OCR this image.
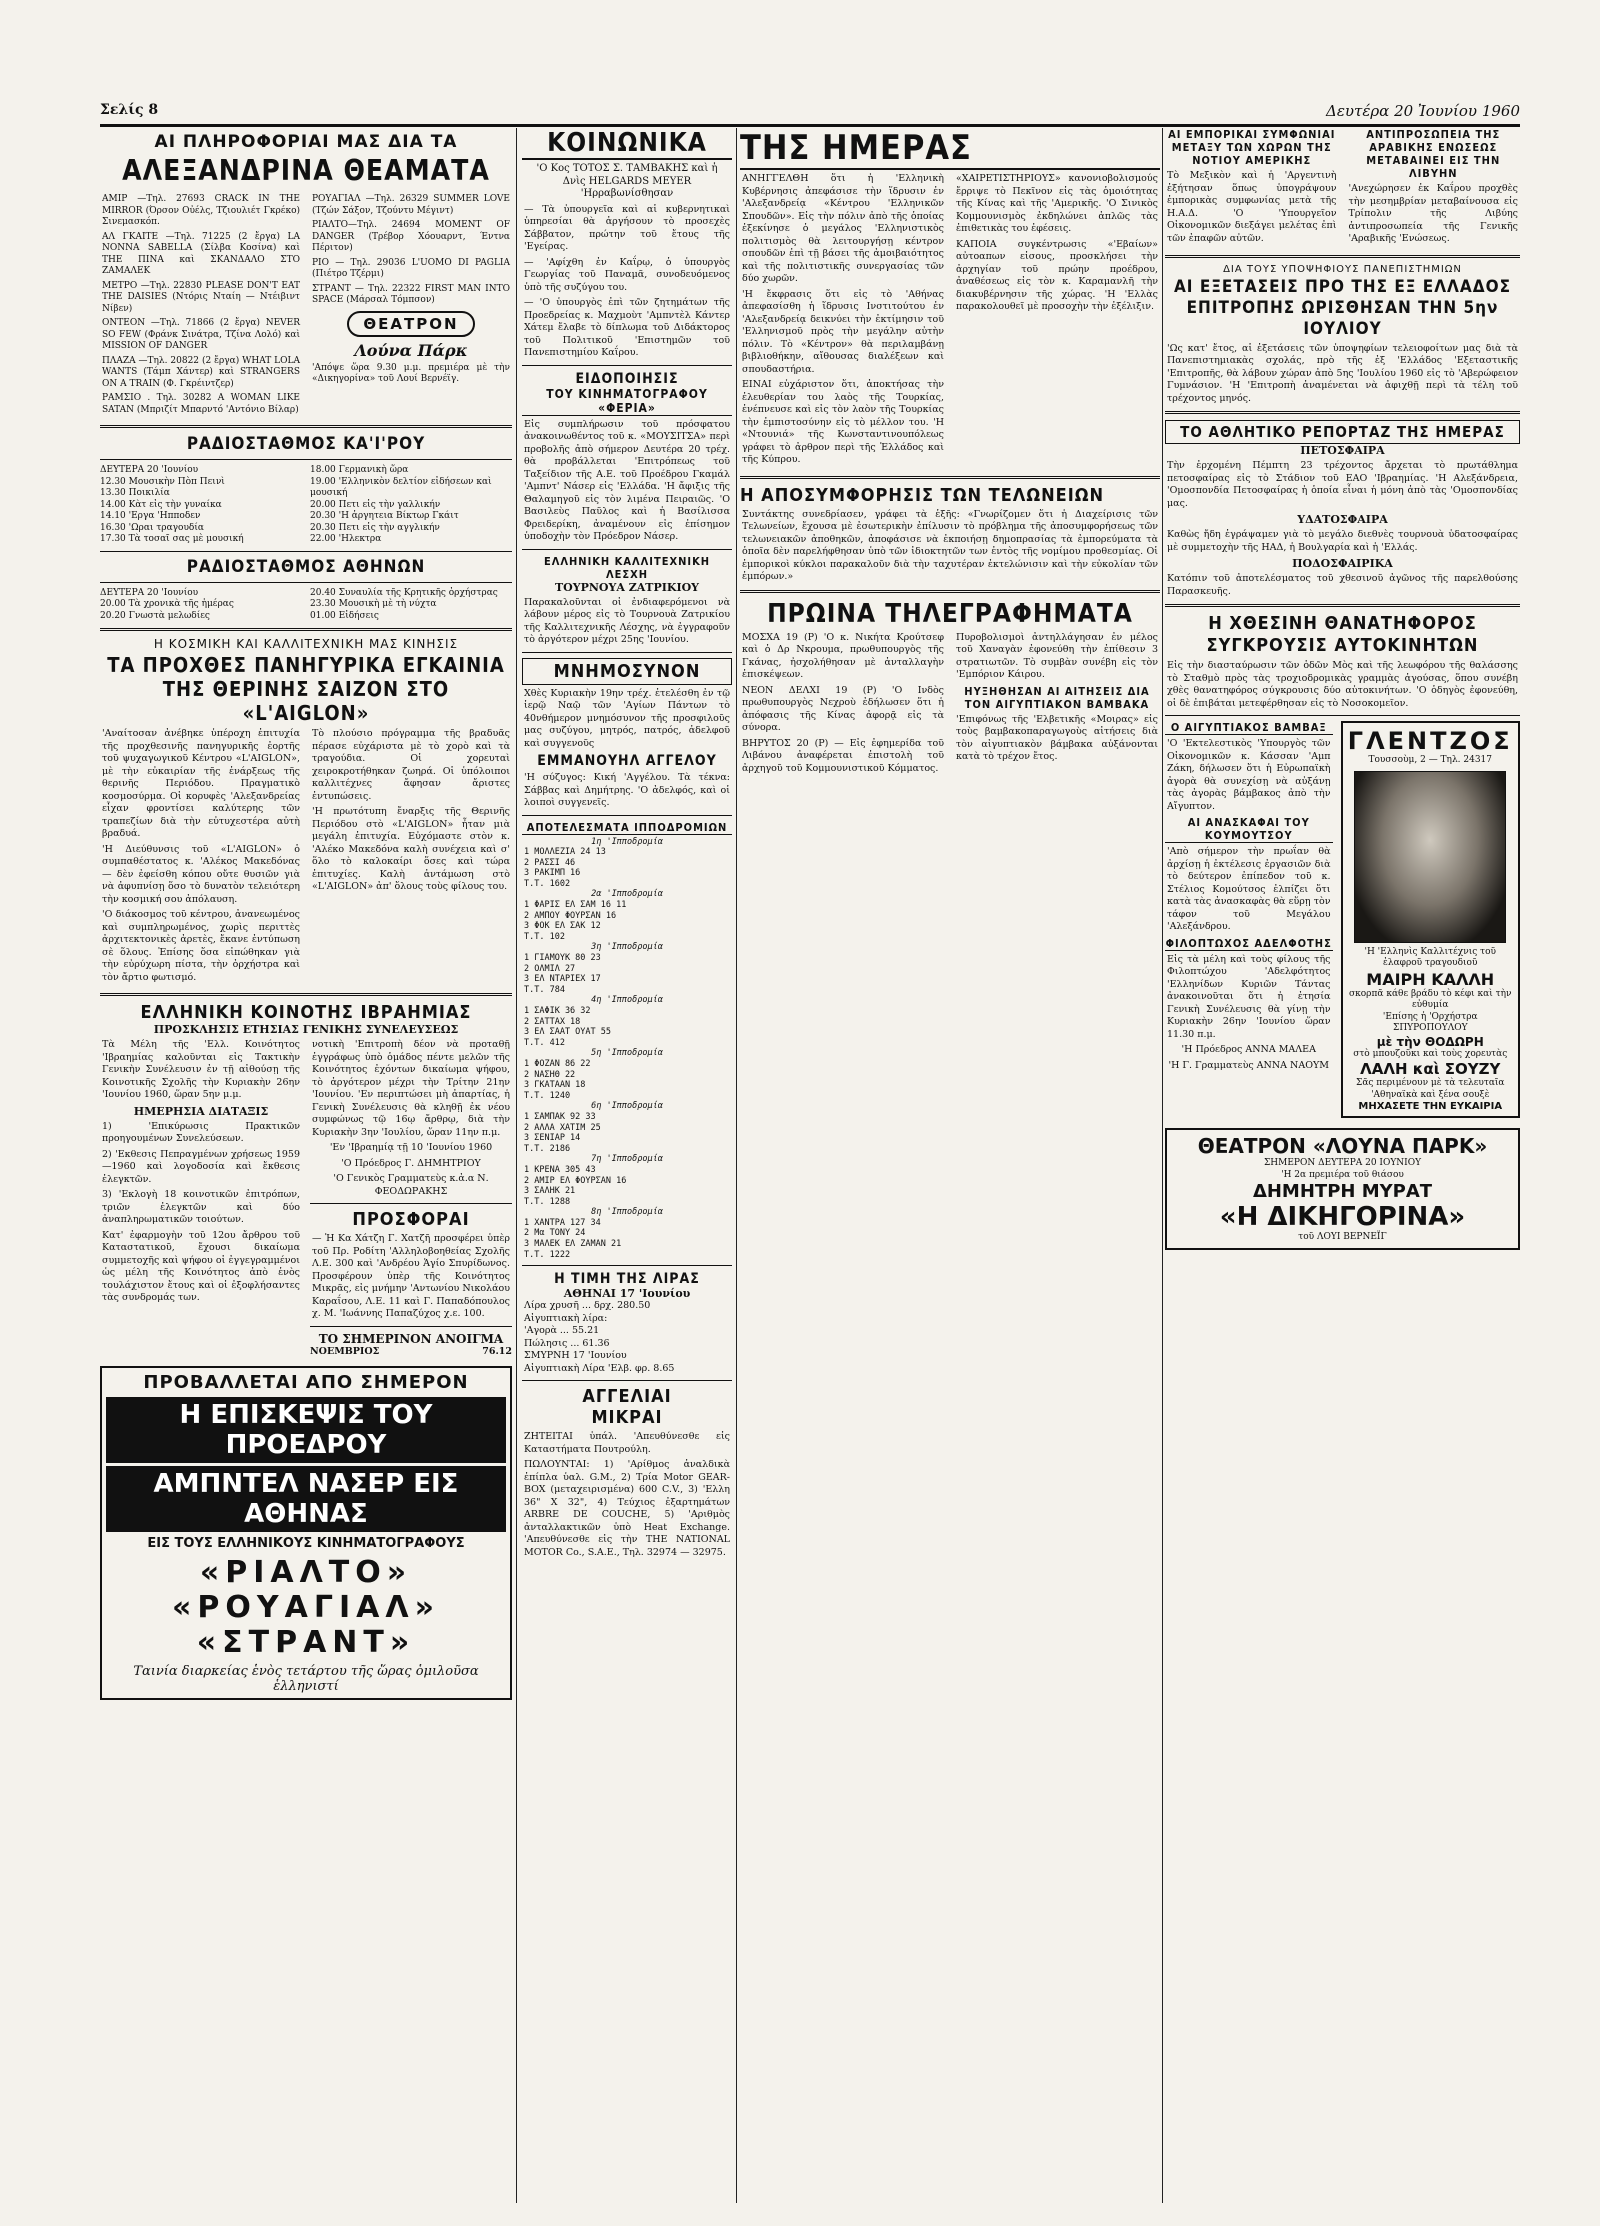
Σελίς 8	Δευτέρα 20 Ἰουνίου 1960
ΑΙ ΠΛΗΡΟΦΟΡΙΑΙ ΜΑΣ ΔΙΑ ΤΑ
ΑΛΕΞΑΝΔΡΙΝΑ ΘΕΑΜΑΤΑ
ΑΜΙΡ —Τηλ. 27693 CRACK IN THE MIRROR (Όρσον Οὐέλς, Τζιουλιέτ Γκρέκο) Σινεμασκόπ.
ΑΛ ΓΚΑΙΤΕ —Τηλ. 71225 (2 ἔργα) LA NONNA SABELLA (Σίλβα Κοσίνα) καὶ THE ΠΙΝΑ καὶ ΣΚΑΝΔΑΛΟ ΣΤΟ ΖΑΜΑΛΕΚ
ΜΕΤΡΟ —Τηλ. 22830 PLEASE DON'T EAT THE DAISIES (Ντόρις Νταίη — Ντέιβιντ Νίβεν)
ΟΝΤΕΟΝ —Τηλ. 71866 (2 ἔργα) NEVER SO FEW (Φράνκ Σινάτρα, Τζίνα Λολό) καὶ MISSION OF DANGER
ΠΛΑΖΑ —Τηλ. 20822 (2 ἔργα) WHAT LOLA WANTS (Τάμπ Χάντερ) καὶ STRANGERS ON A TRAIN (Φ. Γκρέιντζερ)
ΡΑΜΣΙΟ . Τηλ. 30282 A WOMAN LIKE SATAN (Μπριζίτ Μπαρντό 'Αντόνιο Βίλαρ)
ΡΟΥΑΓΙΑΛ —Τηλ. 26329 SUMMER LOVE (Τζών Σάξον, Τζούντυ Μέγιντ)
ΡΙΑΛΤΟ—Τηλ. 24694 MOMENT OF DANGER (Τρέβορ Χόουαρντ, Έντνα Πέριτον)
ΡΙΟ — Τηλ. 29036 L'UOMO DI PAGLIA (Πιέτρο Τζέρμι)
ΣΤΡΑΝΤ — Τηλ. 22322 FIRST MAN INTO SPACE (Μάρσαλ Τόμπσον)
ΘΕΑΤΡΟΝ
Λούνα Πάρκ
'Απόψε ὥρα 9.30 μ.μ. πρεμιέρα μὲ τὴν «Δικηγορίνα» τοῦ Λουί Βερνέϊγ.
ΡΑΔΙΟΣΤΑΘΜΟΣ ΚΑ'Ι'ΡΟΥ
ΔΕΥΤΕΡΑ 20 'Ιουνίου
12.30 Μουσικὴν Πὸπ Πεινὶ
13.30 Ποικιλία
14.00 Κὰτ εἰς τὴν γυναίκα
14.10 'Εργα 'Ηπποδεν
16.30 'Ωραι τραγουδία
17.30 Τὰ τοσαῖ σας μὲ μουσική
18.00 Γερμανικὴ ὥρα
19.00 'Ελληνικὸν δελτίον εἰδήσεων καὶ μουσική
20.00 Πετι εἰς τὴν γαλλικήν
20.30 'Η ἀργητεια Βίκτωρ Γκάιτ
20.30 Πετι εἰς τὴν αγγλικήν
22.00 'Ηλεκτρα
ΡΑΔΙΟΣΤΑΘΜΟΣ ΑΘΗΝΩΝ
ΔΕΥΤΕΡΑ 20 'Ιουνίου
20.00 Τὰ χρονικὰ τῆς ἡμέρας
20.20 Γνωστὰ μελωδίες
20.40 Συναυλία τῆς Κρητικῆς ὀρχήστρας
23.30 Μουσικὴ μὲ τὴ νύχτα
01.00 Εἰδήσεις
Η ΚΟΣΜΙΚΗ ΚΑΙ ΚΑΛΛΙΤΕΧΝΙΚΗ ΜΑΣ ΚΙΝΗΣΙΣ
ΤΑ ΠΡΟΧΘΕΣ ΠΑΝΗΓΥΡΙΚΑ ΕΓΚΑΙΝΙΑ ΤΗΣ ΘΕΡΙΝΗΣ ΣΑΙΖΟΝ ΣΤΟ «L'AIGLON»
'Αναίτοσαν ἀνέβηκε ὑπέροχη ἐπιτυχία τῆς προχθεσινῆς πανηγυρικῆς ἐορτῆς τοῦ ψυχαγωγικοῦ Κέντρου «L'AIGLON», μὲ τὴν εὐκαιρίαν τῆς ἐνάρξεως τῆς θερινῆς Περιόδου. Πραγματικὸ κοσμοσύρμα. Οἱ κορυφὲς 'Αλεξανδρείας εἶχαν φροντίσει καλύτερης τῶν τραπεζίων διὰ τὴν εὐτυχεστέρα αὐτὴ βραδυά.
'Η Διεύθυνσις τοῦ «L'AIGLON» ὁ συμπαθέστατος κ. 'Αλέκος Μακεδόνας — δὲν ἐφείσθη κόπου οὔτε θυσιῶν γιὰ νὰ ἀφυπνίσῃ ὅσο τὸ δυνατὸν τελειότερη τὴν κοσμική σου ἀπόλαυση.
'Ο διάκοσμος τοῦ κέντρου, ἀνανεωμένος καὶ συμπληρωμένος, χωρὶς περιττὲς ἀρχιτεκτονικὲς ἀρετὲς, ἔκανε ἐντύπωση σὲ ὅλους. Ἐπίσης ὅσα εἰπώθηκαν γιὰ τὴν εὐρύχωρη πίστα, τὴν ὀρχήστρα καὶ τὸν ἄρτιο φωτισμό.
Τὸ πλούσιο πρόγραμμα τῆς βραδυᾶς πέρασε εὐχάριστα μὲ τὸ χορὸ καὶ τὰ τραγούδια. Οἱ χορευταὶ χειροκροτήθηκαν ζωηρά. Οἱ ὑπόλοιποι καλλιτέχνες ἄφησαν ἄριστες ἐντυπώσεις.
'Η πρωτότυπη ἔναρξις τῆς Θερινῆς Περιόδου στὸ «L'AIGLON» ἦταν μιὰ μεγάλη ἐπιτυχία. Εὐχόμαστε στὸν κ. 'Αλέκο Μακεδόνα καλὴ συνέχεια καὶ σ' ὅλο τὸ καλοκαίρι ὅσες καὶ τώρα ἐπιτυχίες. Καλὴ ἀντάμωση στὸ «L'AIGLON» ἀπ' ὅλους τοὺς φίλους του.
ΕΛΛΗΝΙΚΗ ΚΟΙΝΟΤΗΣ ΙΒΡΑΗΜΙΑΣ
ΠΡΟΣΚΛΗΣΙΣ ΕΤΗΣΙΑΣ ΓΕΝΙΚΗΣ ΣΥΝΕΛΕΥΣΕΩΣ
Τὰ Μέλη τῆς 'Ελλ. Κοινότητος 'Ιβραημίας καλοῦνται εἰς Τακτικὴν Γενικὴν Συνέλευσιν ἐν τῇ αἰθούσῃ τῆς Κοινοτικῆς Σχολῆς τὴν Κυριακὴν 26ην 'Ιουνίου 1960, ὥραν 5ην μ.μ.
ΗΜΕΡΗΣΙΑ ΔΙΑΤΑΞΙΣ
1) 'Επικύρωσις Πρακτικῶν προηγουμένων Συνελεύσεων.
2) 'Εκθεσις Πεπραγμένων χρήσεως 1959—1960 καὶ λογοδοσία καὶ ἔκθεσις ἐλεγκτῶν.
3) 'Εκλογὴ 18 κοινοτικῶν ἐπιτρόπων, τριῶν ἐλεγκτῶν καὶ δύο ἀναπληρωματικῶν τοιούτων.
Κατ' ἐφαρμογὴν τοῦ 12ου ἄρθρου τοῦ Καταστατικοῦ, ἔχουσι δικαίωμα συμμετοχῆς καὶ ψήφου οἱ ἐγγεγραμμένοι ὡς μέλη τῆς Κοινότητος ἀπὸ ἑνὸς τουλάχιστον ἔτους καὶ οἱ ἐξοφλήσαντες τὰς συνδρομάς των.
νοτικὴ 'Επιτροπὴ δέον νὰ προταθῇ ἐγγράφως ὑπὸ ὁμάδος πέντε μελῶν τῆς Κοινότητος ἐχόντων δικαίωμα ψήφου, τὸ ἀργότερον μέχρι τὴν Τρίτην 21ην 'Ιουνίου. 'Εν περιπτώσει μὴ ἀπαρτίας, ἡ Γενικὴ Συνέλευσις θὰ κληθῇ ἐκ νέου συμφώνως τῷ 16ῳ ἄρθρῳ, διὰ τὴν Κυριακὴν 3ην 'Ιουλίου, ὥραν 11ην π.μ.
'Εν 'Ιβραημίᾳ τῇ 10 'Ιουνίου 1960
'Ο Πρόεδρος Γ. ΔΗΜΗΤΡΙΟΥ
'Ο Γενικὸς Γραμματεὺς κ.ἀ.α Ν. ΦΕΟΔΩΡΑΚΗΣ
ΠΡΟΣΦΟΡΑΙ
— Ἡ Κα Χάτζη Γ. Χατζῆ προσφέρει ὑπὲρ τοῦ Πρ. Ροδίτη 'Αλληλοβοηθείας Σχολῆς Λ.Ε. 300 καὶ 'Ανδρέου Ἁγίο Σπυρίδωνος. Προσφέρουν ὑπὲρ τῆς Κοινότητος Μικρᾶς, εἰς μνήμην 'Αντωνίου Νικολάου Καραΐσου, Λ.Ε. 11 καὶ Γ. Παπαδόπουλος χ. Μ. 'Ιωάννης Παπαζύχος χ.ε. 100.
ΤΟ ΣΗΜΕΡΙΝΟΝ ΑΝΟΙΓΜΑ
ΝΟΕΜΒΡΙΟΣ	76.12
ΠΡΟΒΑΛΛΕΤΑΙ ΑΠΟ ΣΗΜΕΡΟΝ
Η ΕΠΙΣΚΕΨΙΣ ΤΟΥ ΠΡΟΕΔΡΟΥ
ΑΜΠΝΤΕΛ ΝΑΣΕΡ ΕΙΣ ΑΘΗΝΑΣ
ΕΙΣ ΤΟΥΣ ΕΛΛΗΝΙΚΟΥΣ ΚΙΝΗΜΑΤΟΓΡΑΦΟΥΣ
«ΡΙΑΛΤΟ»
«ΡΟΥΑΓΙΑΛ»
«ΣΤΡΑΝΤ»
Ταινία διαρκείας ἑνὸς τετάρτου τῆς ὥρας ὁμιλοῦσα ἑλληνιστί
ΚΟΙΝΩΝΙΚΑ
'Ο Κος ΤΟΤΟΣ Σ. ΤΑΜΒΑΚΗΣ καὶ ἡ Δνὶς HELGARDS MEYER 'Ηρραβωνίσθησαν
— Τὰ ὑπουργεῖα καὶ αἱ κυβερνητικαὶ ὑπηρεσίαι θὰ ἀργήσουν τὸ προσεχὲς Σάββατον, πρώτην τοῦ ἔτους τῆς 'Εγείρας.
— 'Αφίχθη ἐν Καΐρῳ, ὁ ὑπουργὸς Γεωργίας τοῦ Παναμᾶ, συνοδευόμενος ὑπὸ τῆς συζύγου του.
— 'Ο ὑπουργὸς ἐπὶ τῶν ζητημάτων τῆς Προεδρείας κ. Μαχμοὺτ 'Αμπντὲλ Κάντερ Χάτεμ ἔλαβε τὸ δίπλωμα τοῦ Διδάκτορος τοῦ Πολιτικοῦ 'Επιστημῶν τοῦ Πανεπιστημίου Καΐρου.
ΕΙΔΟΠΟΙΗΣΙΣ
ΤΟΥ ΚΙΝΗΜΑΤΟΓΡΑΦΟΥ «ΦΕΡΙΑ»
Εἰς συμπλήρωσιν τοῦ πρόσφατου ἀνακοινωθέντος τοῦ κ. «ΜΟΥΣΙΤΣΑ» περὶ προβολῆς ἀπὸ σήμερον Δευτέρα 20 τρέχ. θὰ προβάλλεται 'Επιτρόπεως τοῦ Ταξείδιον τῆς Α.Ε. τοῦ Προέδρου Γκαμάλ 'Αμπντ' Νάσερ εἰς 'Ελλάδα. 'Η ἄφιξις τῆς Θαλαμηγοῦ εἰς τὸν λιμένα Πειραιῶς. 'Ο Βασιλεὺς Παῦλος καὶ ἡ Βασίλισσα Φρειδερίκη, ἀναμένουν εἰς ἐπίσημον ὑποδοχὴν τὸν Πρόεδρον Νάσερ.
ΕΛΛΗΝΙΚΗ ΚΑΛΛΙΤΕΧΝΙΚΗ ΛΕΣΧΗ
ΤΟΥΡΝΟΥΑ ΖΑΤΡΙΚΙΟΥ
Παρακαλοῦνται οἱ ἐνδιαφερόμενοι νὰ λάβουν μέρος εἰς τὸ Τουρνουὰ Ζατρικίου τῆς Καλλιτεχνικῆς Λέσχης, νὰ ἐγγραφοῦν τὸ ἀργότερον μέχρι 25ης 'Ιουνίου.
ΜΝΗΜΟΣΥΝΟΝ
Χθὲς Κυριακὴν 19ην τρέχ. ἐτελέσθη ἐν τῷ ἱερῷ Ναῷ τῶν 'Αγίων Πάντων τὸ 40νθήμερον μνημόσυνον τῆς προσφιλοῦς μας συζύγου, μητρός, πατρός, ἀδελφοῦ καὶ συγγενοῦς
ΕΜΜΑΝΟΥΗΛ ΑΓΓΕΛΟΥ
'Η σύζυγος: Κική 'Αγγέλου. Τὰ τέκνα: Σάββας καὶ Δημήτρης. 'Ο ἀδελφός, καὶ οἱ λοιποὶ συγγενεῖς.
ΑΠΟΤΕΛΕΣΜΑΤΑ ΙΠΠΟΔΡΟΜΙΩΝ
1η 'Ιπποδρομία
1 ΜΟΛΛΕΖΙΑ 24 13
2 ΡΑΣΣΙ 46
3 ΡΑΚΙΜΠ 16
Τ.Τ. 1602
2α 'Ιπποδρομία
1 ΦΑΡΙΣ ΕΛ ΣΑΜ 16 11
2 ΑΜΠΟΥ ΦΟΥΡΣΑΝ 16
3 ΦΟΚ ΕΛ ΣΑΚ 12
Τ.Τ. 102
3η 'Ιπποδρομία
1 ΓΙΑΜΟΥΚ 80 23
2 ΟΛΜΙΛ 27
3 ΕΛ ΝΤΑΡΙΕΧ 17
Τ.Τ. 784
4η 'Ιπποδρομία
1 ΣΑΦΙΚ 36 32
2 ΣΑΤΤΑΧ 18
3 ΕΛ ΣΑΑΤ ΟΥΑΤ 55
Τ.Τ. 412
5η 'Ιπποδρομία
1 ΦΟΖΑΝ 86 22
2 ΝΑΣΗΘ 22
3 ΓΚΑΤΑΑΝ 18
Τ.Τ. 1240
6η 'Ιπποδρομία
1 ΣΑΜΠΑΚ 92 33
2 ΑΛΛΑ ΧΑΤΙΜ 25
3 ΣΕΝΙΑΡ 14
Τ.Τ. 2186
7η 'Ιπποδρομία
1 ΚΡΕΝΑ 305 43
2 ΑΜΙΡ ΕΛ ΦΟΥΡΣΑΝ 16
3 ΣΑΛΗΚ 21
Τ.Τ. 1288
8η 'Ιπποδρομία
1 ΧΑΝΤΡΑ 127 34
2 Μα ΤΟΝΥ 24
3 ΜΑΛΕΚ ΕΛ ΖΑΜΑΝ 21
Τ.Τ. 1222
Η ΤΙΜΗ ΤΗΣ ΛΙΡΑΣ
ΑΘΗΝΑΙ 17 'Ιουνίου
Λίρα χρυσῆ ... δρχ. 280.50
Αἰγυπτιακὴ λίρα:
'Αγορὰ ... 55.21
Πώλησις ... 61.36
ΣΜΥΡΝΗ 17 'Ιουνίου
Αἰγυπτιακὴ Λίρα 'Ελβ. φρ. 8.65
ΑΓΓΕΛΙΑΙ
ΜΙΚΡΑΙ
ΖΗΤΕΙΤΑΙ ὑπάλ. 'Απευθύνεσθε εἰς Καταστήματα Πουτρούλη.
ΠΩΛΟΥΝΤΑΙ: 1) 'Αρίθμος ἀναλδικὰ ἐπίπλα ὑαλ. G.M., 2) Τρία Motor GEAR-BOX (μεταχειρισμένα) 600 C.V., 3) 'Ελλη 36" X 32", 4) Τεύχιος ἐξαρτημάτων ARBRE DE COUCHE, 5) 'Αριθμὸς ἀνταλλακτικῶν ὑπὸ Heat Exchange. 'Απευθύνεσθε εἰς τὴν THE NATIONAL MOTOR Co., S.A.E., Τηλ. 32974 — 32975.
ΤΗΣ ΗΜΕΡΑΣ
ΑΝΗΓΓΕΛΘΗ ὅτι ἡ 'Ελληνικὴ Κυβέρνησις ἀπεφάσισε τὴν ἵδρυσιν ἐν 'Αλεξανδρείᾳ «Κέντρου 'Ελληνικῶν Σπουδῶν». Εἰς τὴν πόλιν ἀπὸ τῆς ὁποίας ἐξεκίνησε ὁ μεγάλος 'Ελληνιστικὸς πολιτισμὸς θὰ λειτουργήσῃ κέντρον σπουδῶν ἐπὶ τῇ βάσει τῆς ἀμοιβαιότητος καὶ τῆς πολιτιστικῆς συνεργασίας τῶν δύο χωρῶν.
'Η ἔκφρασις ὅτι εἰς τὸ 'Αθήνας ἀπεφασίσθη ἡ ἵδρυσις Ινστιτούτου ἐν 'Αλεξανδρείᾳ δεικνύει τὴν ἐκτίμησιν τοῦ 'Ελληνισμοῦ πρὸς τὴν μεγάλην αὐτὴν πόλιν. Τὸ «Κέντρον» θὰ περιλαμβάνῃ βιβλιοθήκην, αἴθουσας διαλέξεων καὶ σπουδαστήρια.
ΕΙΝΑΙ εὐχάριστον ὅτι, ἀποκτήσας τὴν ἐλευθερίαν του λαὸς τῆς Τουρκίας, ἐνέπνευσε καὶ εἰς τὸν λαὸν τῆς Τουρκίας τὴν ἐμπιστοσύνην εἰς τὸ μέλλον του. 'Η «Ντουνιά» τῆς Κωνσταντινουπόλεως γράφει τὸ ἀρθρον περὶ τῆς Ἑλλάδος καὶ τῆς Κύπρου.
«ΧΑΙΡΕΤΙΣΤΗΡΙΟΥΣ» κανονιοβολισμούς ἔρριψε τὸ Πεκῖνον εἰς τὰς ὁμοιότητας τῆς Κίνας καὶ τῆς 'Αμερικῆς. 'Ο Σινικὸς Κομμουνισμὸς ἐκδηλώνει ἁπλῶς τὰς ἐπιθετικὰς του ἐφέσεις.
ΚΑΠΟΙΑ συγκέντρωσις «'Εβαίων» αὐτοαπων εἰσους, προσκλήσει τὴν ἀρχηγίαν τοῦ πρώην προέδρου, ἀναθέσεως εἰς τὸν κ. Καραμανλῆ τὴν διακυβέρνησιν τῆς χώρας. 'Η 'Ελλὰς παρακολουθεῖ μὲ προσοχὴν τὴν ἐξέλιξιν.
Η ΑΠΟΣΥΜΦΟΡΗΣΙΣ ΤΩΝ ΤΕΛΩΝΕΙΩΝ
Συντάκτης συνεδρίασεν, γράφει τὰ ἑξῆς: «Γνωρίζομεν ὅτι ἡ Διαχείρισις τῶν Τελωνείων, ἔχουσα μὲ ἐσωτερικὴν ἐπίλυσιν τὸ πρόβλημα τῆς ἀποσυμφορήσεως τῶν τελωνειακῶν ἀποθηκῶν, ἀποφάσισε νὰ ἐκποιήσῃ δημοπρασίας τὰ ἐμπορεύματα τὰ ὁποῖα δὲν παρελήφθησαν ὑπὸ τῶν ἰδιοκτητῶν των ἐντὸς τῆς νομίμου προθεσμίας. Οἱ ἐμπορικοὶ κύκλοι παρακαλοῦν διὰ τὴν ταχυτέραν ἐκτελώνισιν καὶ τὴν εὐκολίαν τῶν ἐμπόρων.»
ΠΡΩΙΝΑ ΤΗΛΕΓΡΑΦΗΜΑΤΑ
ΜΟΣΧΑ 19 (Ρ) 'Ο κ. Νικήτα Κρούτσεφ καὶ ὁ Δρ Νκρουμα, πρωθυπουργὸς τῆς Γκάνας, ἠσχολήθησαν μὲ ἀνταλλαγὴν ἐπισκέψεων.
ΝΕΟΝ ΔΕΛΧΙ 19 (Ρ) 'Ο Ινδὸς πρωθυπουργὸς Νεχροὺ ἐδήλωσεν ὅτι ἡ ἀπόφασις τῆς Κίνας ἀφορᾷ εἰς τὰ σύνορα.
ΒΗΡΥΤΟΣ 20 (Ρ) — Εἰς ἐφημερίδα τοῦ Λιβάνου ἀναφέρεται ἐπιστολὴ τοῦ ἀρχηγοῦ τοῦ Κομμουνιστικοῦ Κόμματος.
Πυροβολισμοὶ ἀντηλλάγησαν ἐν μέλος τοῦ Χαναγὰν ἐφονεύθη τὴν ἐπίθεσιν 3 στρατιωτῶν. Τὸ συμβὰν συνέβη εἰς τὸν 'Εμπόριον Κάιρου.
ΗΥΞΗΘΗΣΑΝ ΑΙ ΑΙΤΗΣΕΙΣ ΔΙΑ ΤΟΝ ΑΙΓΥΠΤΙΑΚΟΝ ΒΑΜΒΑΚΑ
'Επιφόνως τῆς 'Ελβετικῆς «Μοιρας» εἰς τοὺς βαμβακοπαραγωγοὺς αἰτήσεις διὰ τὸν αἰγυπτιακὸν βάμβακα αὐξάνονται κατὰ τὸ τρέχον ἔτος.
ΑΙ ΕΜΠΟΡΙΚΑΙ ΣΥΜΦΩΝΙΑΙ ΜΕΤΑΞΥ ΤΩΝ ΧΩΡΩΝ ΤΗΣ ΝΟΤΙΟΥ ΑΜΕΡΙΚΗΣ
Τὸ Μεξικὸν καὶ ἡ 'Αργεντινὴ ἐξήτησαν ὅπως ὑπογράψουν ἐμπορικὰς συμφωνίας μετὰ τῆς Η.Α.Δ. 'Ο 'Υπουργεῖον Οἰκονομικῶν διεξάγει μελέτας ἐπὶ τῶν ἐπαφῶν αὐτῶν.
ΑΝΤΙΠΡΟΣΩΠΕΙΑ ΤΗΣ ΑΡΑΒΙΚΗΣ ΕΝΩΣΕΩΣ ΜΕΤΑΒΑΙΝΕΙ ΕΙΣ ΤΗΝ ΛΙΒΥΗΝ
'Ανεχώρησεν ἐκ Καΐρου προχθὲς τὴν μεσημβρίαν μεταβαίνουσα εἰς Τρίπολιν τῆς Λιβύης ἀντιπροσωπεία τῆς Γενικῆς 'Αραβικῆς 'Ενώσεως.
ΔΙΑ ΤΟΥΣ ΥΠΟΨΗΦΙΟΥΣ ΠΑΝΕΠΙΣΤΗΜΙΩΝ
ΑΙ ΕΞΕΤΑΣΕΙΣ ΠΡΟ ΤΗΣ ΕΞ ΕΛΛΑΔΟΣ ΕΠΙΤΡΟΠΗΣ ΩΡΙΣΘΗΣΑΝ ΤΗΝ 5ην ΙΟΥΛΙΟΥ
'Ως κατ' ἔτος, αἱ ἐξετάσεις τῶν ὑποψηφίων τελειοφοίτων μας διὰ τὰ Πανεπιστημιακὰς σχολάς, πρὸ τῆς ἐξ 'Ελλάδος 'Εξεταστικῆς 'Επιτροπῆς, θὰ λάβουν χώραν ἀπὸ 5ης 'Ιουλίου 1960 εἰς τὸ 'Αβερώφειον Γυμνάσιον. 'Η 'Επιτροπὴ ἀναμένεται νὰ ἀφιχθῇ περὶ τὰ τέλη τοῦ τρέχοντος μηνός.
ΤΟ ΑΘΛΗΤΙΚΟ ΡΕΠΟΡΤΑΖ ΤΗΣ ΗΜΕΡΑΣ
ΠΕΤΟΣΦΑΙΡΑ
Τὴν ἐρχομένη Πέμπτη 23 τρέχοντος ἄρχεται τὸ πρωτάθλημα πετοσφαίρας εἰς τὸ Στάδιον τοῦ ΕΑΟ 'Ιβραημίας. 'Η Αλεξάνδρεια, 'Ομοσπονδία Πετοσφαίρας ἡ ὁποία εἶναι ἡ μόνη ἀπὸ τὰς 'Ομοσπονδίας μας.
ΥΔΑΤΟΣΦΑΙΡΑ
Καθὼς ἤδη ἐγράψαμεν γιὰ τὸ μεγάλο διεθνὲς τουρνουὰ ὑδατοσφαίρας μὲ συμμετοχὴν τῆς ΗΑΔ, ἡ Βουλγαρία καὶ ἡ 'Ελλάς.
ΠΟΔΟΣΦΑΙΡΙΚΑ
Κατόπιν τοῦ ἀποτελέσματος τοῦ χθεσινοῦ ἀγῶνος τῆς παρελθούσης Παρασκευῆς.
Η ΧΘΕΣΙΝΗ ΘΑΝΑΤΗΦΟΡΟΣ ΣΥΓΚΡΟΥΣΙΣ ΑΥΤΟΚΙΝΗΤΩΝ
Εἰς τὴν διασταύρωσιν τῶν ὁδῶν Μὸς καὶ τῆς λεωφόρου τῆς θαλάσσης τὸ Σταθμὸ πρὸς τὰς τροχιοδρομικὰς γραμμὰς ἀγούσας, ὅπου συνέβη χθὲς θανατηφόρος σύγκρουσις δύο αὐτοκινήτων. 'Ο ὁδηγὸς ἐφονεύθη, οἱ δὲ ἐπιβάται μετεφέρθησαν εἰς τὸ Νοσοκομεῖον.
Ο ΑΙΓΥΠΤΙΑΚΟΣ ΒΑΜΒΑΞ
'Ο 'Εκτελεστικὸς 'Υπουργὸς τῶν Οἰκονομικῶν κ. Κάσσαν 'Αμπ Ζάκη, δήλωσεν ὅτι ἡ Εὐρωπαϊκὴ ἀγορὰ θὰ συνεχίσῃ νὰ αὐξάνῃ τὰς ἀγορὰς βάμβακος ἀπὸ τὴν Αἴγυπτον.
ΑΙ ΑΝΑΣΚΑΦΑΙ ΤΟΥ ΚΟΥΜΟΥΤΣΟΥ
'Απὸ σήμερον τὴν πρωΐαν θὰ ἀρχίσῃ ἡ ἐκτέλεσις ἐργασιῶν διὰ τὸ δεύτερον ἐπίπεδον τοῦ κ. Στέλιος Κομούτσος ἐλπίζει ὅτι κατὰ τὰς ἀνασκαφὰς θὰ εὕρῃ τὸν τάφον τοῦ Μεγάλου 'Αλεξάνδρου.
ΦΙΛΟΠΤΩΧΟΣ ΑΔΕΛΦΟΤΗΣ
Εἰς τὰ μέλη καὶ τοὺς φίλους τῆς Φιλοπτώχου 'Αδελφότητος 'Ελληνίδων Κυριῶν Τάντας ἀνακοινοῦται ὅτι ἡ ἐτησία Γενικὴ Συνέλευσις θὰ γίνῃ τὴν Κυριακὴν 26ην 'Ιουνίου ὥραν 11.30 π.μ.
'Η Πρόεδρος ΑΝΝΑ ΜΑΛΕΑ
'Η Γ. Γραμματεὺς ΑΝΝΑ ΝΑΟΥΜ
ΓΛΕΝΤΖΟΣ
Τουσσοὺμ, 2 — Τηλ. 24317
'Η 'Ελληνὶς Καλλιτέχνις τοῦ ἐλαφροῦ τραγουδιοῦ
ΜΑΙΡΗ ΚΑΛΛΗ
σκορπᾶ κάθε βράδυ τὸ κέφι καὶ τὴν εὐθυμία
'Επίσης ἡ 'Ορχήστρα ΣΠΥΡΟΠΟΥΛΟΥ
μὲ τὴν ΘΟΔΩΡΗ
στὸ μπουζοῦκι καὶ τοὺς χορευτὰς
ΛΑΛΗ καὶ ΣΟΥΖΥ
Σᾶς περιμένουν μὲ τὰ τελευταῖα 'Αθηναϊκὰ καὶ ξένα σουξὲ
ΜΗΧΑΣΕΤΕ ΤΗΝ ΕΥΚΑΙΡΙΑ
ΘΕΑΤΡΟΝ «ΛΟΥΝΑ ΠΑΡΚ»
ΣΗΜΕΡΟΝ ΔΕΥΤΕΡΑ 20 ΙΟΥΝΙΟΥ
'Η 2α πρεμιέρα τοῦ θιάσου
ΔΗΜΗΤΡΗ ΜΥΡΑΤ
«Η ΔΙΚΗΓΟΡΙΝΑ»
τοῦ ΛΟΥΙ ΒΕΡΝΕΪΓ
